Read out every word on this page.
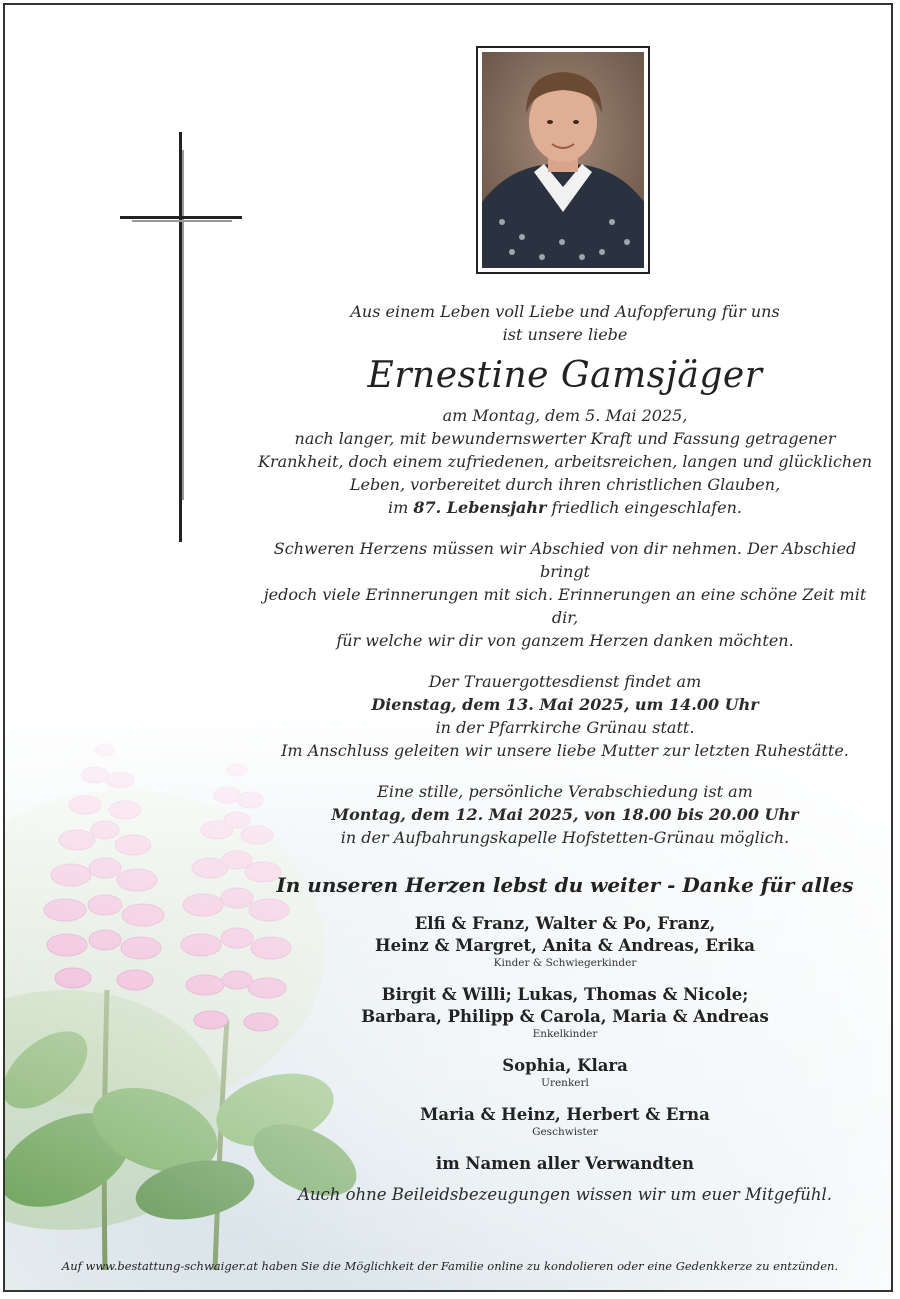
Aus einem Leben voll Liebe und Aufopferung für uns

ist unsere liebe

Ernestine Gamsjäger

am Montag, dem 5. Mai 2025,

nach langer, mit bewundernswerter Kraft und Fassung getragener

Krankheit, doch einem zufriedenen, arbeitsreichen, langen und glücklichen

Leben, vorbereitet durch ihren christlichen Glauben,

im 87. Lebensjahr friedlich eingeschlafen.

Schweren Herzens müssen wir Abschied von dir nehmen. Der Abschied bringt

jedoch viele Erinnerungen mit sich. Erinnerungen an eine schöne Zeit mit dir,

für welche wir dir von ganzem Herzen danken möchten.

Der Trauergottesdienst findet am

Dienstag, dem 13. Mai 2025, um 14.00 Uhr

in der Pfarrkirche Grünau statt.

Im Anschluss geleiten wir unsere liebe Mutter zur letzten Ruhestätte.

Eine stille, persönliche Verabschiedung ist am

Montag, dem 12. Mai 2025, von 18.00 bis 20.00 Uhr

in der Aufbahrungskapelle Hofstetten-Grünau möglich.

In unseren Herzen lebst du weiter - Danke für alles

Elfi & Franz, Walter & Po, Franz,

Heinz & Margret, Anita & Andreas, Erika

Kinder & Schwiegerkinder

Birgit & Willi; Lukas, Thomas & Nicole;

Barbara, Philipp & Carola, Maria & Andreas

Enkelkinder

Sophia, Klara

Urenkerl

Maria & Heinz, Herbert & Erna

Geschwister

im Namen aller Verwandten

Auch ohne Beileidsbezeugungen wissen wir um euer Mitgefühl.

Auf www.bestattung-schwaiger.at haben Sie die Möglichkeit der Familie online zu kondolieren oder eine Gedenkkerze zu entzünden.
